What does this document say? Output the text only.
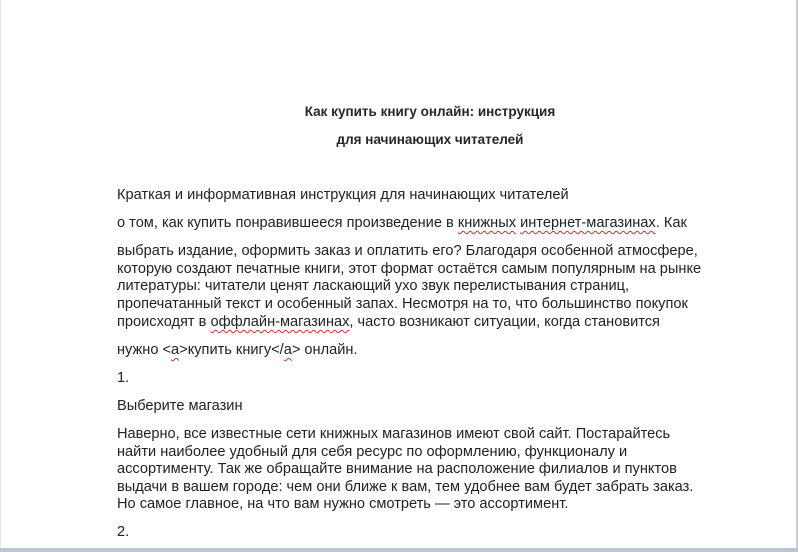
Как купить книгу онлайн: инструкция
для начинающих читателей
Краткая и информативная инструкция для начинающих читателей
о том, как купить понравившееся произведение в книжных интернет-магазинах. Как
выбрать издание, оформить заказ и оплатить его? Благодаря особенной атмосфере,
которую создают печатные книги, этот формат остаётся самым популярным на рынке
литературы: читатели ценят ласкающий ухо звук перелистывания страниц,
пропечатанный текст и особенный запах. Несмотря на то, что большинство покупок
происходят в оффлайн-магазинах, часто возникают ситуации, когда становится
нужно <а>купить книгу</а> онлайн.
1.
Выберите магазин
Наверно, все известные сети книжных магазинов имеют свой сайт. Постарайтесь
найти наиболее удобный для себя ресурс по оформлению, функционалу и
ассортименту. Так же обращайте внимание на расположение филиалов и пунктов
выдачи в вашем городе: чем они ближе к вам, тем удобнее вам будет забрать заказ.
Но самое главное, на что вам нужно смотреть — это ассортимент.
2.
